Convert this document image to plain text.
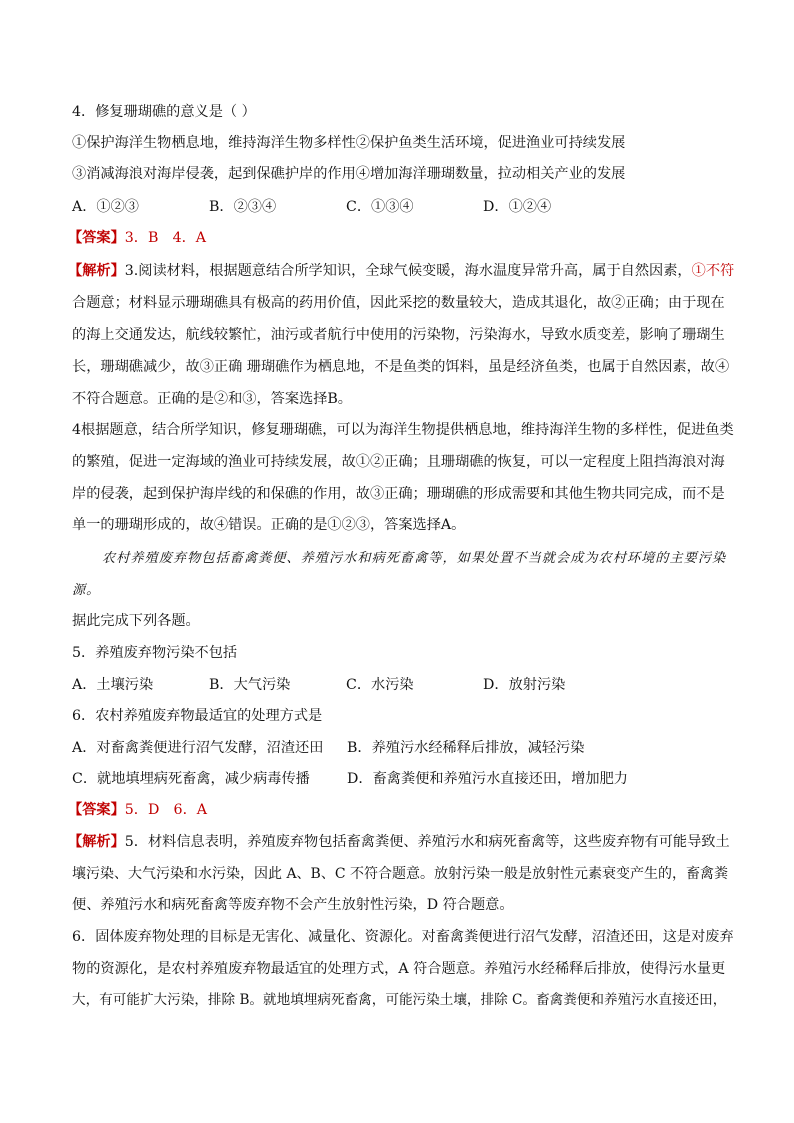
4．修复珊瑚礁的意义是（ ）
①保护海洋生物栖息地，维持海洋生物多样性②保护鱼类生活环境，促进渔业可持续发展
③消减海浪对海岸侵袭，起到保礁护岸的作用④增加海洋珊瑚数量，拉动相关产业的发展
A．①②③	B．②③④	C．①③④	D．①②④
【答案】3．B　4．A
【解析】3.阅读材料，根据题意结合所学知识，全球气候变暖，海水温度异常升高，属于自然因素，①不符
合题意；材料显示珊瑚礁具有极高的药用价值，因此采挖的数量较大，造成其退化，故②正确；由于现在
的海上交通发达，航线较繁忙，油污或者航行中使用的污染物，污染海水，导致水质变差，影响了珊瑚生
长，珊瑚礁减少，故③正确 珊瑚礁作为栖息地，不是鱼类的饵料，虽是经济鱼类，也属于自然因素，故④
不符合题意。正确的是②和③，答案选择B。
4根据题意，结合所学知识，修复珊瑚礁，可以为海洋生物提供栖息地，维持海洋生物的多样性，促进鱼类
的繁殖，促进一定海域的渔业可持续发展，故①②正确；且珊瑚礁的恢复，可以一定程度上阻挡海浪对海
岸的侵袭，起到保护海岸线的和保礁的作用，故③正确；珊瑚礁的形成需要和其他生物共同完成，而不是
单一的珊瑚形成的，故④错误。正确的是①②③，答案选择A。
农村养殖废弃物包括畜禽粪便、养殖污水和病死畜禽等，如果处置不当就会成为农村环境的主要污染
源。
据此完成下列各题。
5．养殖废弃物污染不包括
A．土壤污染	B．大气污染	C．水污染	D．放射污染
6．农村养殖废弃物最适宜的处理方式是
A．对畜禽粪便进行沼气发酵，沼渣还田 B．养殖污水经稀释后排放，减轻污染
C．就地填埋病死畜禽，减少病毒传播	D．畜禽粪便和养殖污水直接还田，增加肥力
【答案】5．D　6．A
【解析】5．材料信息表明，养殖废弃物包括畜禽粪便、养殖污水和病死畜禽等，这些废弃物有可能导致土
壤污染、大气污染和水污染，因此 A、B、C 不符合题意。放射污染一般是放射性元素衰变产生的，畜禽粪
便、养殖污水和病死畜禽等废弃物不会产生放射性污染，D 符合题意。
6．固体废弃物处理的目标是无害化、减量化、资源化。对畜禽粪便进行沼气发酵，沼渣还田，这是对废弃
物的资源化，是农村养殖废弃物最适宜的处理方式，A 符合题意。养殖污水经稀释后排放，使得污水量更
大，有可能扩大污染，排除 B。就地填埋病死畜禽，可能污染土壤，排除 C。畜禽粪便和养殖污水直接还田，
